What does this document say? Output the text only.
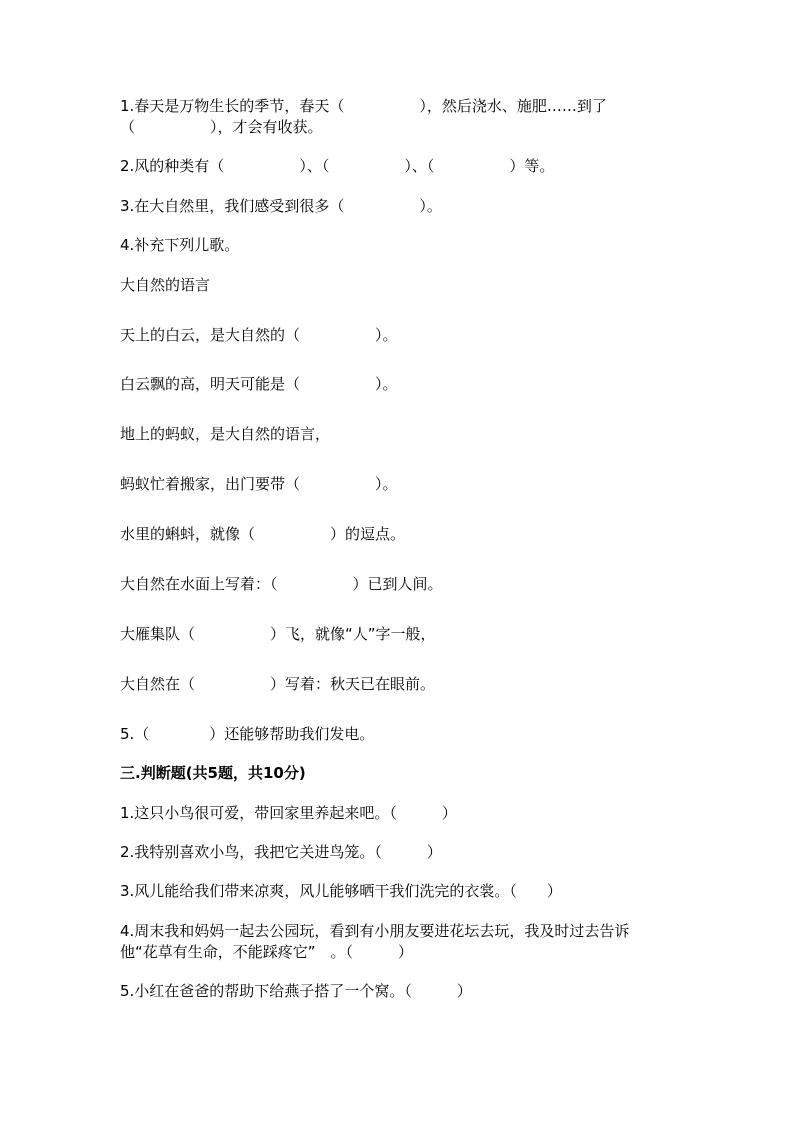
1.春天是万物生长的季节，春天（　　　　　），然后浇水、施肥……到了
（　　　　　），才会有收获。
2.风的种类有（　　　　　）、（　　　　　）、（　　　　　）等。
3.在大自然里，我们感受到很多（　　　　　）。
4.补充下列儿歌。
大自然的语言
天上的白云，是大自然的（　　　　　）。
白云飘的高，明天可能是（　　　　　）。
地上的蚂蚁，是大自然的语言，
蚂蚁忙着搬家，出门要带（　　　　　）。
水里的蝌蚪，就像（　　　　　）的逗点。
大自然在水面上写着：（　　　　　）已到人间。
大雁集队（　　　　　）飞，就像“人”字一般，
大自然在（　　　　　）写着：秋天已在眼前。
5.（　　　　）还能够帮助我们发电。
三.判断题(共5题，共10分)
1.这只小鸟很可爱，带回家里养起来吧。（　　　）
2.我特别喜欢小鸟，我把它关进鸟笼。（　　　）
3.风儿能给我们带来凉爽，风儿能够晒干我们洗完的衣裳。（　　）
4.周末我和妈妈一起去公园玩，看到有小朋友要进花坛去玩，我及时过去告诉
他“花草有生命，不能踩疼它”　。（　　　）
5.小红在爸爸的帮助下给燕子搭了一个窝。（　　　）
